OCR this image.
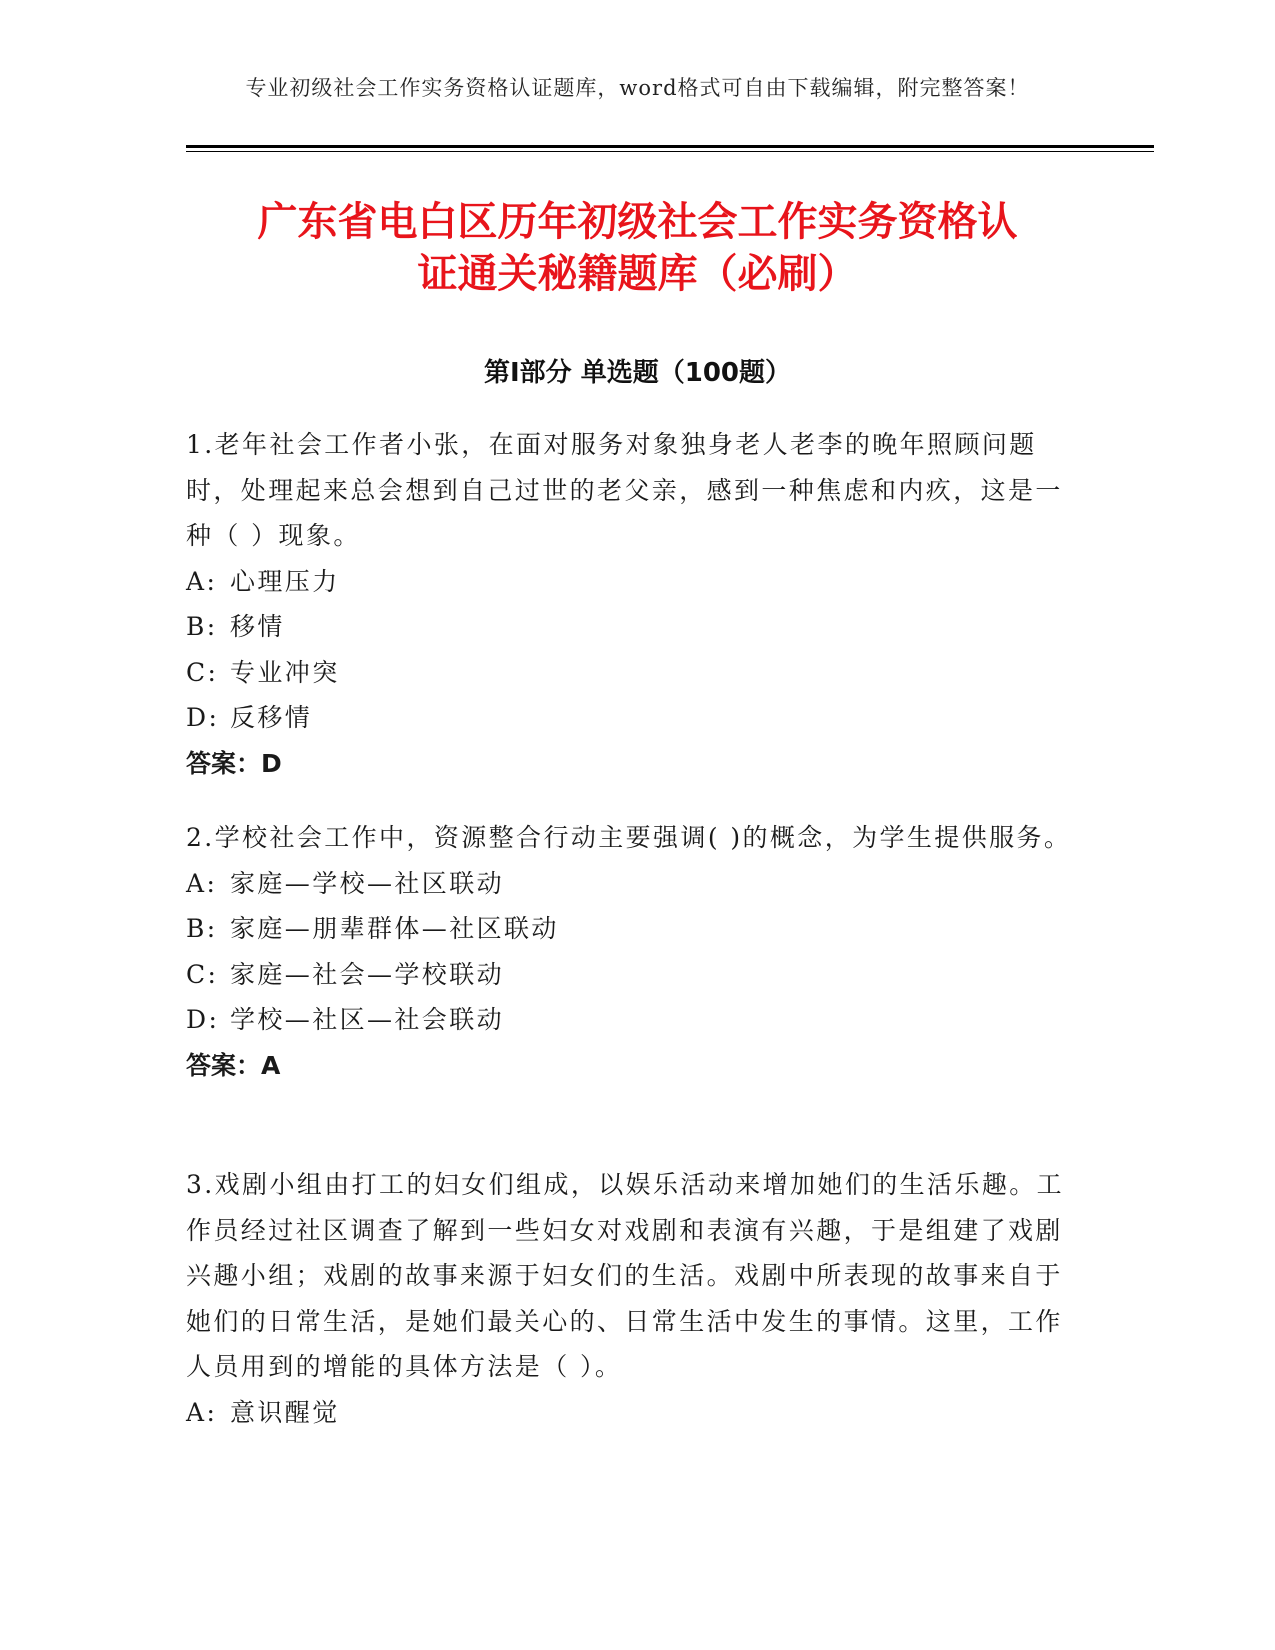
专业初级社会工作实务资格认证题库，word格式可自由下载编辑，附完整答案！
广东省电白区历年初级社会工作实务资格认
证通关秘籍题库（必刷）
第Ⅰ部分 单选题（100题）

1.老年社会工作者小张，在面对服务对象独身老人老李的晚年照顾问题时，处理起来总会想到自己过世的老父亲，感到一种焦虑和内疚，这是一种（ ）现象。

A: 心理压力

B: 移情

C: 专业冲突

D: 反移情

答案：D

2.学校社会工作中，资源整合行动主要强调( )的概念，为学生提供服务。

A: 家庭—学校—社区联动

B: 家庭—朋辈群体—社区联动

C: 家庭—社会—学校联动

D: 学校—社区—社会联动

答案：A

3.戏剧小组由打工的妇女们组成，以娱乐活动来增加她们的生活乐趣。工作员经过社区调查了解到一些妇女对戏剧和表演有兴趣，于是组建了戏剧兴趣小组；戏剧的故事来源于妇女们的生活。戏剧中所表现的故事来自于她们的日常生活，是她们最关心的、日常生活中发生的事情。这里，工作人员用到的增能的具体方法是（ ）。

A: 意识醒觉
